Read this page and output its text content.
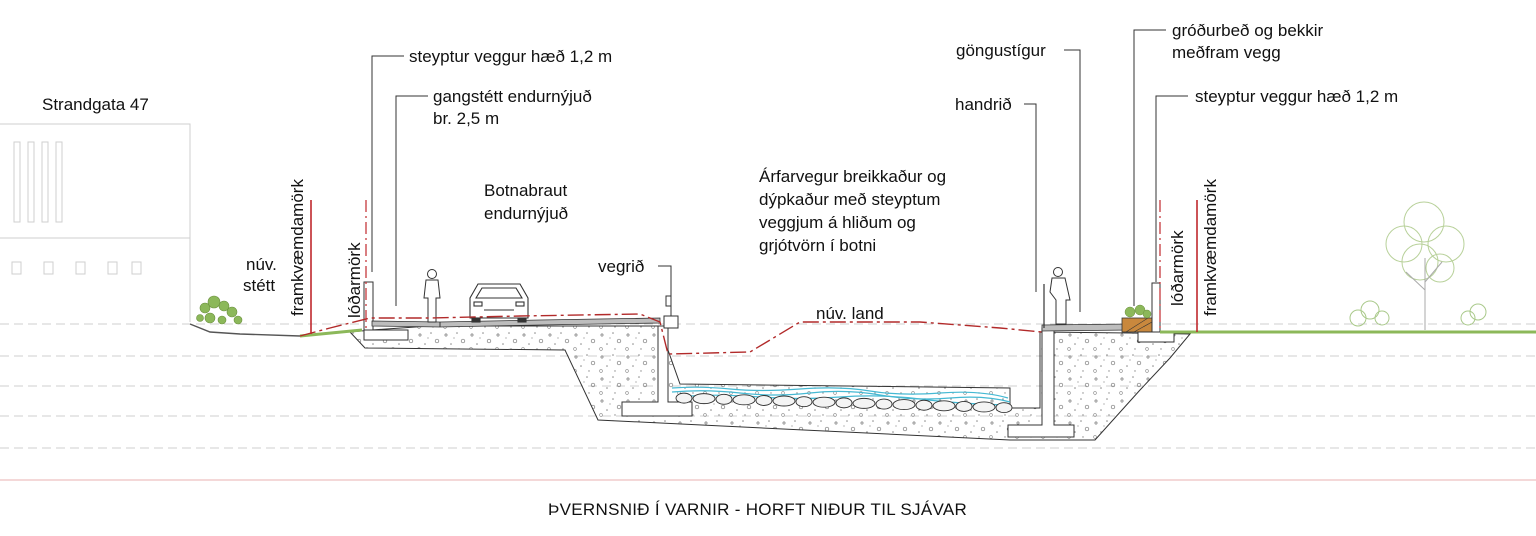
Strandgata 47
núv.
stétt framkvæmdamörk lóðarmörk
steyptur veggur hæð 1,2 m
gangstétt endurnýjuð
br. 2,5 m
Botnabraut
endurnýjuð
vegrið
Árfarvegur breikkaður og
dýpkaður með steyptum
veggjum á hliðum og
grjótvörn í botni
núv. land
göngustígur
handrið
gróðurbeð og bekkir
meðfram vegg
steyptur veggur hæð 1,2 m
lóðarmörk framkvæmdamörk
ÞVERNSNIÐ Í VARNIR - HORFT NIÐUR TIL SJÁVAR
